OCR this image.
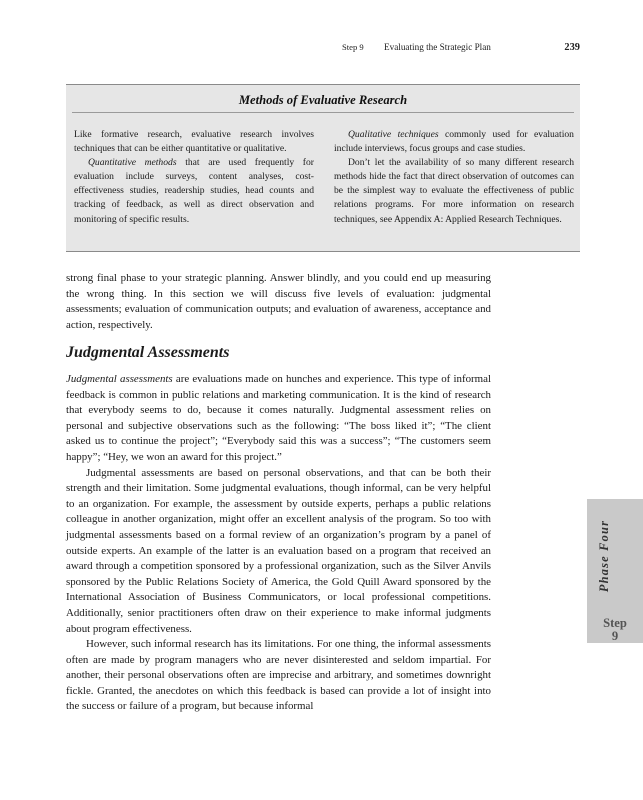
Step 9 Evaluating the Strategic Plan	239
Methods of Evaluative Research

Like formative research, evaluative research involves techniques that can be either quantitative or qualitative.

Quantitative methods that are used frequently for evaluation include surveys, content analyses, cost-effectiveness studies, readership studies, head counts and tracking of feedback, as well as direct observation and monitoring of specific results.

Qualitative techniques commonly used for evaluation include interviews, focus groups and case studies.

Don’t let the availability of so many different research methods hide the fact that direct observation of outcomes can be the simplest way to evaluate the effectiveness of public relations programs. For more information on research techniques, see Appendix A: Applied Research Techniques.

strong final phase to your strategic planning. Answer blindly, and you could end up measuring the wrong thing. In this section we will discuss five levels of evaluation: judgmental assessments; evaluation of communication outputs; and evaluation of awareness, acceptance and action, respectively.

Judgmental Assessments

Judgmental assessments are evaluations made on hunches and experience. This type of informal feedback is common in public relations and marketing communication. It is the kind of research that everybody seems to do, because it comes naturally. Judgmental assessment relies on personal and subjective observations such as the following: “The boss liked it”; “The client asked us to continue the project”; “Everybody said this was a success”; “The customers seem happy”; “Hey, we won an award for this project.”

Judgmental assessments are based on personal observations, and that can be both their strength and their limitation. Some judgmental evaluations, though informal, can be very helpful to an organization. For example, the assessment by outside experts, perhaps a public relations colleague in another organization, might offer an excellent analysis of the program. So too with judgmental assessments based on a formal review of an organization’s program by a panel of outside experts. An example of the latter is an evaluation based on a program that received an award through a competition sponsored by a professional organization, such as the Silver Anvils sponsored by the Public Relations Society of America, the Gold Quill Award sponsored by the International Association of Business Communicators, or local professional competitions. Additionally, senior practitioners often draw on their experience to make informal judgments about program effectiveness.

However, such informal research has its limitations. For one thing, the informal assessments often are made by program managers who are never disinterested and seldom impartial. For another, their personal observations often are imprecise and arbitrary, and sometimes downright fickle. Granted, the anecdotes on which this feedback is based can provide a lot of insight into the success or failure of a program, but because informal

Phase Four
Step
9
